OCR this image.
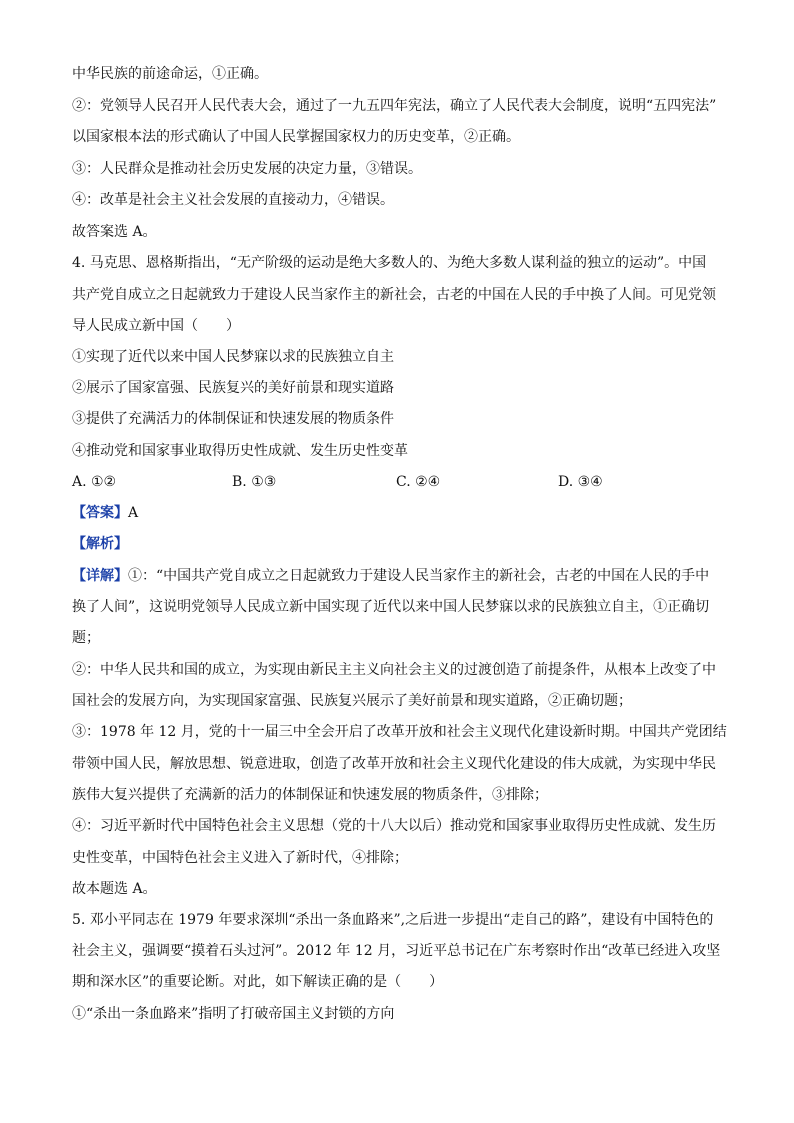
中华民族的前途命运，①正确。
②：党领导人民召开人民代表大会，通过了一九五四年宪法，确立了人民代表大会制度，说明“五四宪法”
以国家根本法的形式确认了中国人民掌握国家权力的历史变革，②正确。
③：人民群众是推动社会历史发展的决定力量，③错误。
④：改革是社会主义社会发展的直接动力，④错误。
故答案选 A。
4. 马克思、恩格斯指出，“无产阶级的运动是绝大多数人的、为绝大多数人谋利益的独立的运动”。中国
共产党自成立之日起就致力于建设人民当家作主的新社会，古老的中国在人民的手中换了人间。可见党领
导人民成立新中国（　　）
①实现了近代以来中国人民梦寐以求的民族独立自主
②展示了国家富强、民族复兴的美好前景和现实道路
③提供了充满活力的体制保证和快速发展的物质条件
④推动党和国家事业取得历史性成就、发生历史性变革
A. ①②	B. ①③	C. ②④	D. ③④
【答案】A
【解析】
【详解】①：“中国共产党自成立之日起就致力于建设人民当家作主的新社会，古老的中国在人民的手中
换了人间”，这说明党领导人民成立新中国实现了近代以来中国人民梦寐以求的民族独立自主，①正确切
题；
②：中华人民共和国的成立，为实现由新民主主义向社会主义的过渡创造了前提条件，从根本上改变了中
国社会的发展方向，为实现国家富强、民族复兴展示了美好前景和现实道路，②正确切题；
③：1978 年 12 月，党的十一届三中全会开启了改革开放和社会主义现代化建设新时期。中国共产党团结
带领中国人民，解放思想、锐意进取，创造了改革开放和社会主义现代化建设的伟大成就，为实现中华民
族伟大复兴提供了充满新的活力的体制保证和快速发展的物质条件，③排除；
④：习近平新时代中国特色社会主义思想（党的十八大以后）推动党和国家事业取得历史性成就、发生历
史性变革，中国特色社会主义进入了新时代，④排除；
故本题选 A。
5. 邓小平同志在 1979 年要求深圳“杀出一条血路来”,之后进一步提出“走自己的路”，建设有中国特色的
社会主义，强调要“摸着石头过河”。2012 年 12 月，习近平总书记在广东考察时作出“改革已经进入攻坚
期和深水区”的重要论断。对此，如下解读正确的是（　　）
①“杀出一条血路来”指明了打破帝国主义封锁的方向
